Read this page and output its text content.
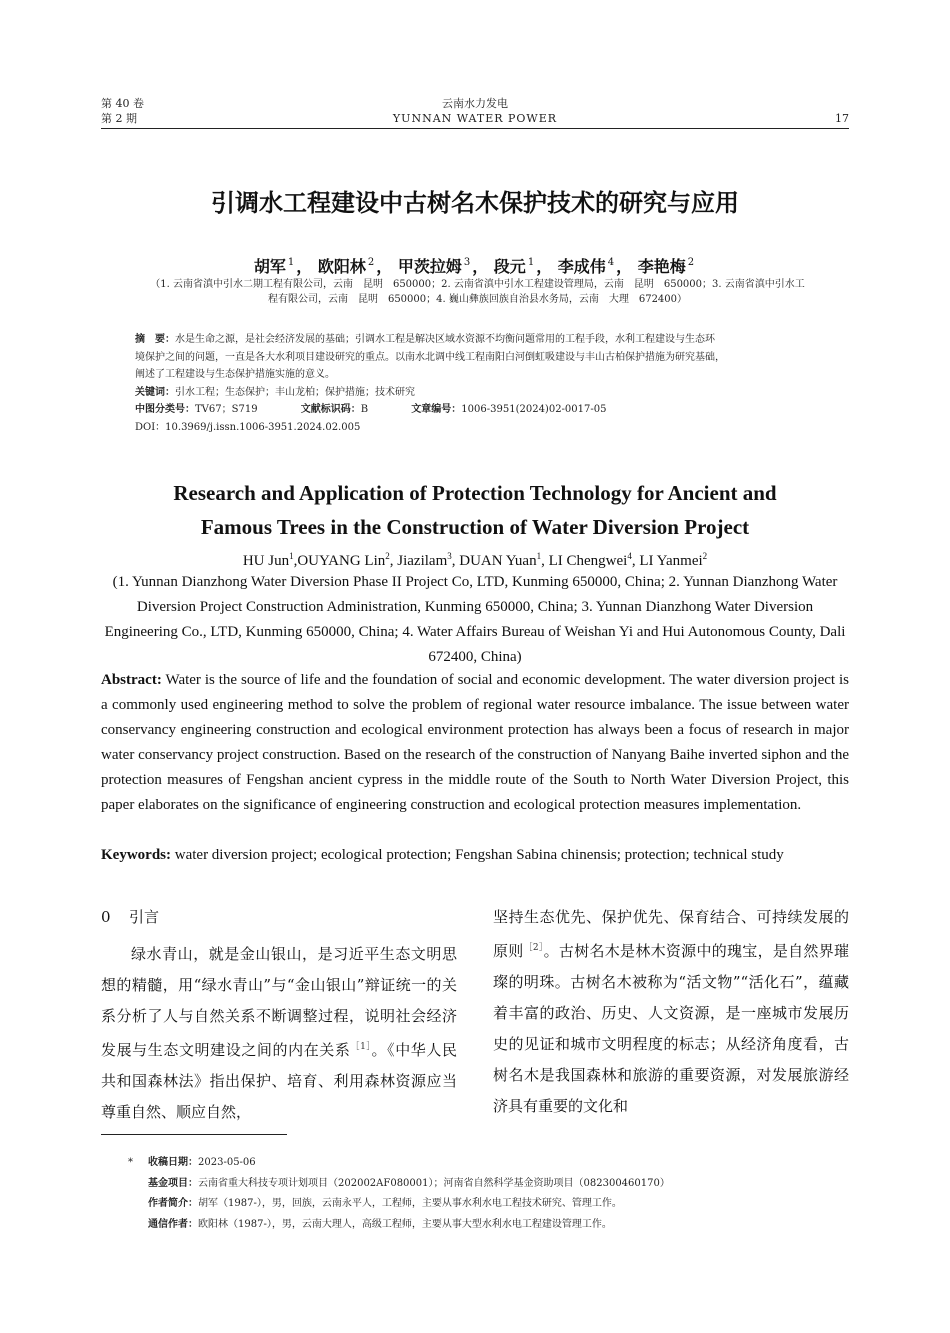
第 40 卷
第 2 期
云南水力发电
YUNNAN WATER POWER	17
引调水工程建设中古树名木保护技术的研究与应用
胡军 $^1$ ， 欧阳林 $^2$ ， 甲茨拉姆 $^3$ ， 段元 $^1$ ， 李成伟 $^4$ ， 李艳梅 $^2$
（1. 云南省滇中引水二期工程有限公司，云南　昆明　650000；2. 云南省滇中引水工程建设管理局，云南　昆明　650000；3. 云南省滇中引水工
程有限公司，云南　昆明　650000；4. 巍山彝族回族自治县水务局，云南　大理　672400）
摘　要：水是生命之源，是社会经济发展的基础；引调水工程是解决区域水资源不均衡问题常用的工程手段，水利工程建设与生态环
境保护之间的问题，一直是各大水利项目建设研究的重点。以南水北调中线工程南阳白河倒虹吸建设与丰山古柏保护措施为研究基础，
阐述了工程建设与生态保护措施实施的意义。
关键词：引水工程；生态保护；丰山龙柏；保护措施；技术研究
中图分类号：TV67；S719	文献标识码：B	文章编号：1006-3951(2024)02-0017-05
DOI：10.3969/j.issn.1006-3951.2024.02.005
Research and Application of Protection Technology for Ancient and
Famous Trees in the Construction of Water Diversion Project
HU Jun$^1$,OUYANG Lin$^2$, Jiazilam$^3$, DUAN Yuan$^1$, LI Chengwei$^4$, LI Yanmei$^2$
(1. Yunnan Dianzhong Water Diversion Phase II Project Co, LTD, Kunming 650000, China; 2. Yunnan Dianzhong Water Diversion Project Construction Administration, Kunming 650000, China; 3. Yunnan Dianzhong Water Diversion Engineering Co., LTD, Kunming 650000, China; 4. Water Affairs Bureau of Weishan Yi and Hui Autonomous County, Dali 672400, China)
Abstract: Water is the source of life and the foundation of social and economic development. The water diversion project is a commonly used engineering method to solve the problem of regional water resource imbalance. The issue between water conservancy engineering construction and ecological environment protection has always been a focus of research in major water conservancy project construction. Based on the research of the construction of Nanyang Baihe inverted siphon and the protection measures of Fengshan ancient cypress in the middle route of the South to North Water Diversion Project, this paper elaborates on the significance of engineering construction and ecological protection measures implementation.
Keywords: water diversion project; ecological protection; Fengshan Sabina chinensis; protection; technical study
0 引言

绿水青山，就是金山银山，是习近平生态文明思想的精髓，用“绿水青山”与“金山银山”辩证统一的关系分析了人与自然关系不断调整过程，说明社会经济发展与生态文明建设之间的内在关系$^{[1]}$。《中华人民共和国森林法》指出保护、培育、利用森林资源应当尊重自然、顺应自然，

坚持生态优先、保护优先、保育结合、可持续发展的原则$^{[2]}$。古树名木是林木资源中的瑰宝，是自然界璀璨的明珠。古树名木被称为“活文物”“活化石”，蕴藏着丰富的政治、历史、人文资源，是一座城市发展历史的见证和城市文明程度的标志；从经济角度看，古树名木是我国森林和旅游的重要资源，对发展旅游经济具有重要的文化和

* 收稿日期：2023-05-06
基金项目：云南省重大科技专项计划项目（202002AF080001）；河南省自然科学基金资助项目（082300460170）
作者简介：胡军（1987-），男，回族，云南永平人，工程师，主要从事水利水电工程技术研究、管理工作。
通信作者：欧阳林（1987-），男，云南大理人，高级工程师，主要从事大型水利水电工程建设管理工作。
